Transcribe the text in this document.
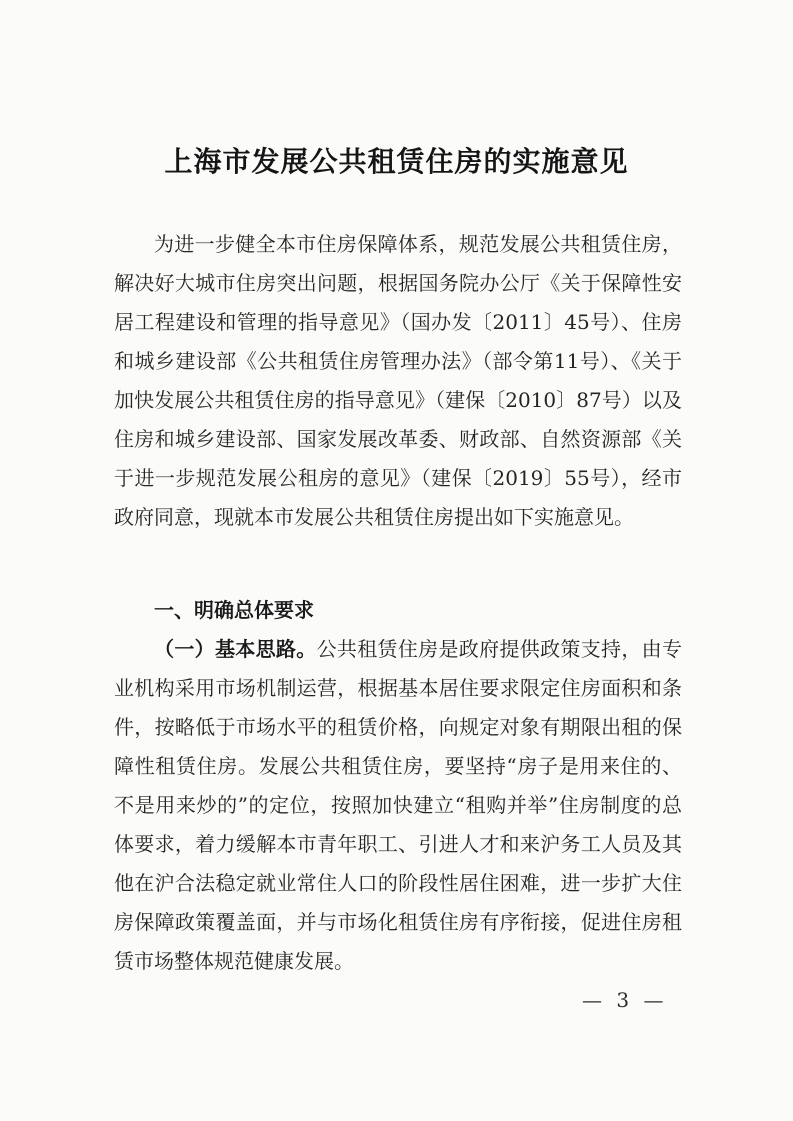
上海市发展公共租赁住房的实施意见

为进一步健全本市住房保障体系，规范发展公共租赁住房，解决好大城市住房突出问题，根据国务院办公厅《关于保障性安居工程建设和管理的指导意见》（国办发〔2011〕45号）、住房和城乡建设部《公共租赁住房管理办法》（部令第11号）、《关于加快发展公共租赁住房的指导意见》（建保〔2010〕87号）以及住房和城乡建设部、国家发展改革委、财政部、自然资源部《关于进一步规范发展公租房的意见》（建保〔2019〕55号），经市政府同意，现就本市发展公共租赁住房提出如下实施意见。

一、明确总体要求

（一）基本思路。公共租赁住房是政府提供政策支持，由专业机构采用市场机制运营，根据基本居住要求限定住房面积和条件，按略低于市场水平的租赁价格，向规定对象有期限出租的保障性租赁住房。发展公共租赁住房，要坚持“房子是用来住的、不是用来炒的”的定位，按照加快建立“租购并举”住房制度的总体要求，着力缓解本市青年职工、引进人才和来沪务工人员及其他在沪合法稳定就业常住人口的阶段性居住困难，进一步扩大住房保障政策覆盖面，并与市场化租赁住房有序衔接，促进住房租赁市场整体规范健康发展。

— 3 —
